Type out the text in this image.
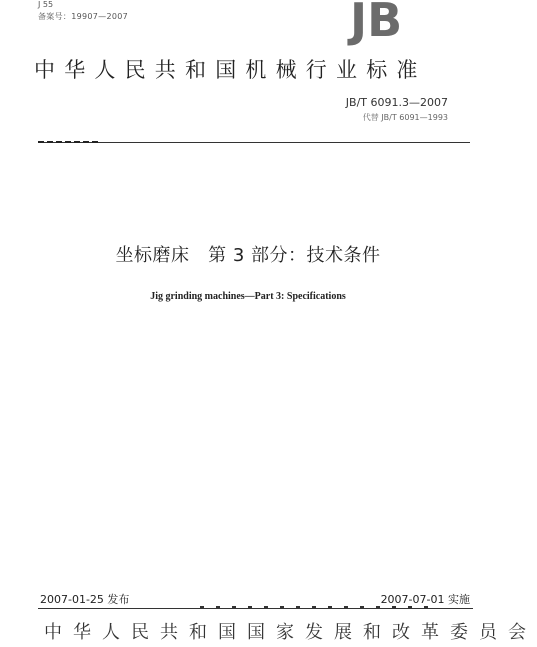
J 55
备案号：19907—2007	JB
中华人民共和国机械行业标准
JB/T 6091.3—2007
代替 JB/T 6091—1993
坐标磨床   第 3 部分：技术条件
Jig grinding machines—Part 3: Specifications
2007-01-25 发布	2007-07-01 实施
中华人民共和国国家发展和改革委员会
